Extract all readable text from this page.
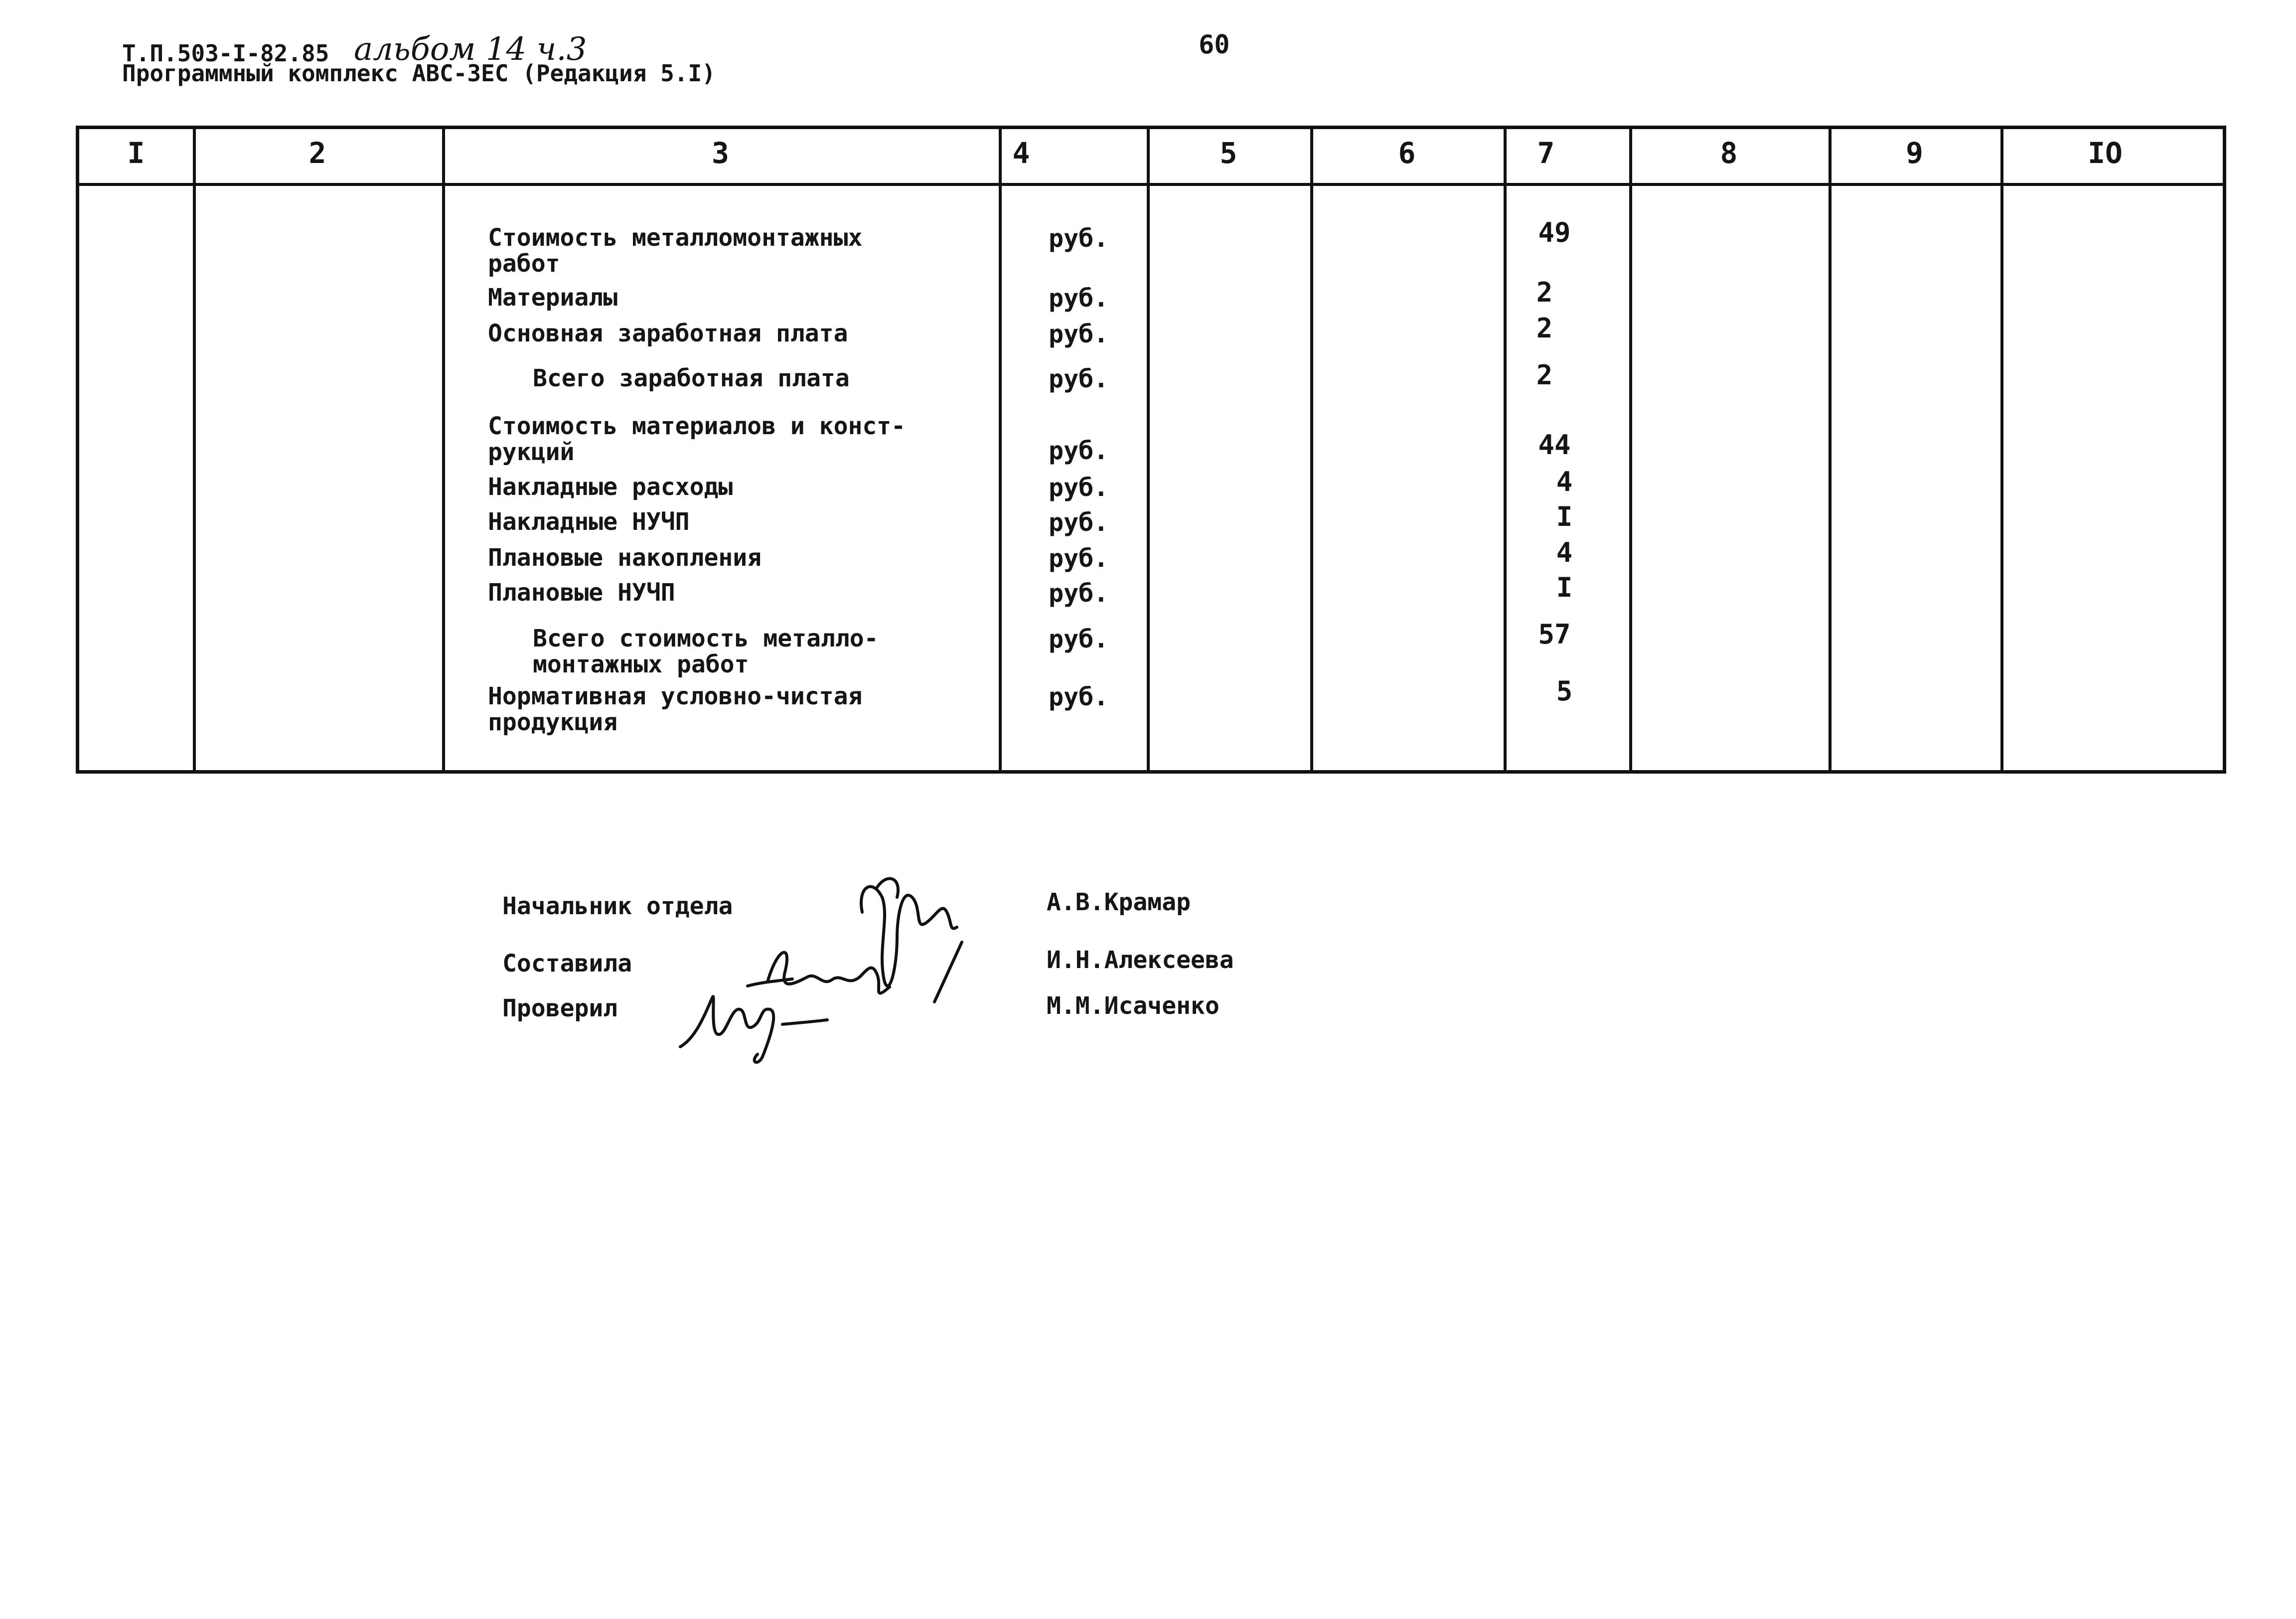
Т.П.503-I-82.85 альбом 14 ч.3
Программный комплекс АВС-3ЕС (Редакция 5.I)
60
I	2	3	4	5	6	7	8	9	IO
Стоимость металломонтажных
работ
руб.	49
Материалы	руб.	2
Основная заработная плата	руб.	2
Всего заработная плата	руб.	2
Стоимость материалов и конст-
рукций	руб.	44
Накладные расходы	руб.	4
Накладные НУЧП	руб.	I
Плановые накопления	руб.	4
Плановые НУЧП	руб.	I
Всего стоимость металло-
монтажных работ
руб.	57
Нормативная условно-чистая
продукция
руб.	5
Начальник отдела	А.В.Крамар
Составила	И.Н.Алексеева
Проверил	М.М.Исаченко
